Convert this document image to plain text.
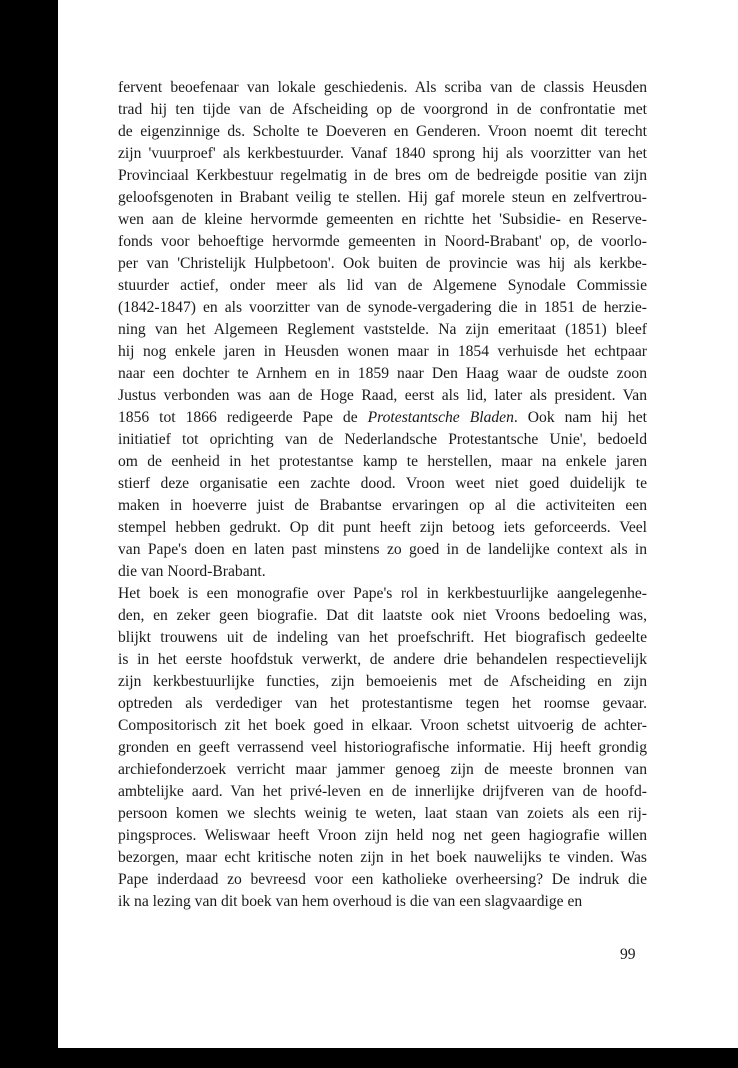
fervent beoefenaar van lokale geschiedenis. Als scriba van de classis Heusden
trad hij ten tijde van de Afscheiding op de voorgrond in de confrontatie met
de eigenzinnige ds. Scholte te Doeveren en Genderen. Vroon noemt dit terecht
zijn 'vuurproef' als kerkbestuurder. Vanaf 1840 sprong hij als voorzitter van het
Provinciaal Kerkbestuur regelmatig in de bres om de bedreigde positie van zijn
geloofsgenoten in Brabant veilig te stellen. Hij gaf morele steun en zelfvertrou-
wen aan de kleine hervormde gemeenten en richtte het 'Subsidie- en Reserve-
fonds voor behoeftige hervormde gemeenten in Noord-Brabant' op, de voorlo-
per van 'Christelijk Hulpbetoon'. Ook buiten de provincie was hij als kerkbe-
stuurder actief, onder meer als lid van de Algemene Synodale Commissie
(1842-1847) en als voorzitter van de synode-vergadering die in 1851 de herzie-
ning van het Algemeen Reglement vaststelde. Na zijn emeritaat (1851) bleef
hij nog enkele jaren in Heusden wonen maar in 1854 verhuisde het echtpaar
naar een dochter te Arnhem en in 1859 naar Den Haag waar de oudste zoon
Justus verbonden was aan de Hoge Raad, eerst als lid, later als president. Van
1856 tot 1866 redigeerde Pape de Protestantsche Bladen. Ook nam hij het
initiatief tot oprichting van de Nederlandsche Protestantsche Unie', bedoeld
om de eenheid in het protestantse kamp te herstellen, maar na enkele jaren
stierf deze organisatie een zachte dood. Vroon weet niet goed duidelijk te
maken in hoeverre juist de Brabantse ervaringen op al die activiteiten een
stempel hebben gedrukt. Op dit punt heeft zijn betoog iets geforceerds. Veel
van Pape's doen en laten past minstens zo goed in de landelijke context als in
die van Noord-Brabant.
Het boek is een monografie over Pape's rol in kerkbestuurlijke aangelegenhe-
den, en zeker geen biografie. Dat dit laatste ook niet Vroons bedoeling was,
blijkt trouwens uit de indeling van het proefschrift. Het biografisch gedeelte
is in het eerste hoofdstuk verwerkt, de andere drie behandelen respectievelijk
zijn kerkbestuurlijke functies, zijn bemoeienis met de Afscheiding en zijn
optreden als verdediger van het protestantisme tegen het roomse gevaar.
Compositorisch zit het boek goed in elkaar. Vroon schetst uitvoerig de achter-
gronden en geeft verrassend veel historiografische informatie. Hij heeft grondig
archiefonderzoek verricht maar jammer genoeg zijn de meeste bronnen van
ambtelijke aard. Van het privé-leven en de innerlijke drijfveren van de hoofd-
persoon komen we slechts weinig te weten, laat staan van zoiets als een rij-
pingsproces. Weliswaar heeft Vroon zijn held nog net geen hagiografie willen
bezorgen, maar echt kritische noten zijn in het boek nauwelijks te vinden. Was
Pape inderdaad zo bevreesd voor een katholieke overheersing? De indruk die
ik na lezing van dit boek van hem overhoud is die van een slagvaardige en
99
